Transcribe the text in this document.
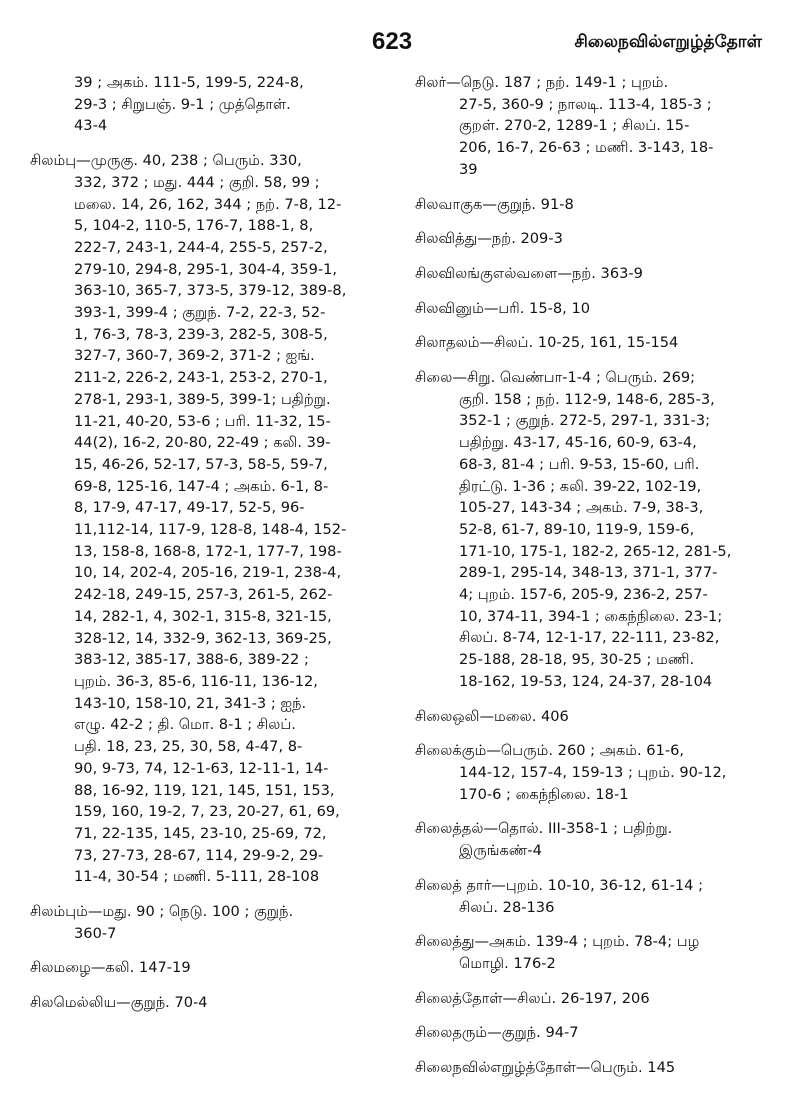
623	சிலைநவில்எறுழ்த்தோள்
39 ; அகம். 111-5, 199-5, 224-8,
29-3 ; சிறுபஞ். 9-1 ; முத்தொள்.
43-4
சிலம்பு—முருகு. 40, 238 ; பெரும். 330,
332, 372 ; மது. 444 ; குறி. 58, 99 ;
மலை. 14, 26, 162, 344 ; நற். 7-8, 12-
5, 104-2, 110-5, 176-7, 188-1, 8,
222-7, 243-1, 244-4, 255-5, 257-2,
279-10, 294-8, 295-1, 304-4, 359-1,
363-10, 365-7, 373-5, 379-12, 389-8,
393-1, 399-4 ; குறுந். 7-2, 22-3, 52-
1, 76-3, 78-3, 239-3, 282-5, 308-5,
327-7, 360-7, 369-2, 371-2 ; ஐங்.
211-2, 226-2, 243-1, 253-2, 270-1,
278-1, 293-1, 389-5, 399-1; பதிற்று.
11-21, 40-20, 53-6 ; பரி. 11-32, 15-
44(2), 16-2, 20-80, 22-49 ; கலி. 39-
15, 46-26, 52-17, 57-3, 58-5, 59-7,
69-8, 125-16, 147-4 ; அகம். 6-1, 8-
8, 17-9, 47-17, 49-17, 52-5, 96-
11,112-14, 117-9, 128-8, 148-4, 152-
13, 158-8, 168-8, 172-1, 177-7, 198-
10, 14, 202-4, 205-16, 219-1, 238-4,
242-18, 249-15, 257-3, 261-5, 262-
14, 282-1, 4, 302-1, 315-8, 321-15,
328-12, 14, 332-9, 362-13, 369-25,
383-12, 385-17, 388-6, 389-22 ;
புறம். 36-3, 85-6, 116-11, 136-12,
143-10, 158-10, 21, 341-3 ; ஐந்.
எழு. 42-2 ; தி. மொ. 8-1 ; சிலப்.
பதி. 18, 23, 25, 30, 58, 4-47, 8-
90, 9-73, 74, 12-1-63, 12-11-1, 14-
88, 16-92, 119, 121, 145, 151, 153,
159, 160, 19-2, 7, 23, 20-27, 61, 69,
71, 22-135, 145, 23-10, 25-69, 72,
73, 27-73, 28-67, 114, 29-9-2, 29-
11-4, 30-54 ; மணி. 5-111, 28-108
சிலம்பும்—மது. 90 ; நெடு. 100 ; குறுந்.
360-7
சிலமழை—கலி. 147-19
சிலமெல்லிய—குறுந். 70-4
சிலர்—நெடு. 187 ; நற். 149-1 ; புறம்.
27-5, 360-9 ; நாலடி. 113-4, 185-3 ;
குறள். 270-2, 1289-1 ; சிலப். 15-
206, 16-7, 26-63 ; மணி. 3-143, 18-
39
சிலவாகுக—குறுந். 91-8
சிலவித்து—நற். 209-3
சிலவிலங்குஎல்வளை—நற். 363-9
சிலவினும்—பரி. 15-8, 10
சிலாதலம்—சிலப். 10-25, 161, 15-154
சிலை—சிறு. வெண்பா-1-4 ; பெரும். 269;
குறி. 158 ; நற். 112-9, 148-6, 285-3,
352-1 ; குறுந். 272-5, 297-1, 331-3;
பதிற்று. 43-17, 45-16, 60-9, 63-4,
68-3, 81-4 ; பரி. 9-53, 15-60, பரி.
திரட்டு. 1-36 ; கலி. 39-22, 102-19,
105-27, 143-34 ; அகம். 7-9, 38-3,
52-8, 61-7, 89-10, 119-9, 159-6,
171-10, 175-1, 182-2, 265-12, 281-5,
289-1, 295-14, 348-13, 371-1, 377-
4; புறம். 157-6, 205-9, 236-2, 257-
10, 374-11, 394-1 ; கைந்நிலை. 23-1;
சிலப். 8-74, 12-1-17, 22-111, 23-82,
25-188, 28-18, 95, 30-25 ; மணி.
18-162, 19-53, 124, 24-37, 28-104
சிலைஒலி—மலை. 406
சிலைக்கும்—பெரும். 260 ; அகம். 61-6,
144-12, 157-4, 159-13 ; புறம். 90-12,
170-6 ; கைந்நிலை. 18-1
சிலைத்தல்—தொல். III-358-1 ; பதிற்று.
இருங்கண்-4
சிலைத் தார்—புறம். 10-10, 36-12, 61-14 ;
சிலப். 28-136
சிலைத்து—அகம். 139-4 ; புறம். 78-4; பழ
மொழி. 176-2
சிலைத்தோள்—சிலப். 26-197, 206
சிலைதரும்—குறுந். 94-7
சிலைநவில்எறுழ்த்தோள்—பெரும். 145
